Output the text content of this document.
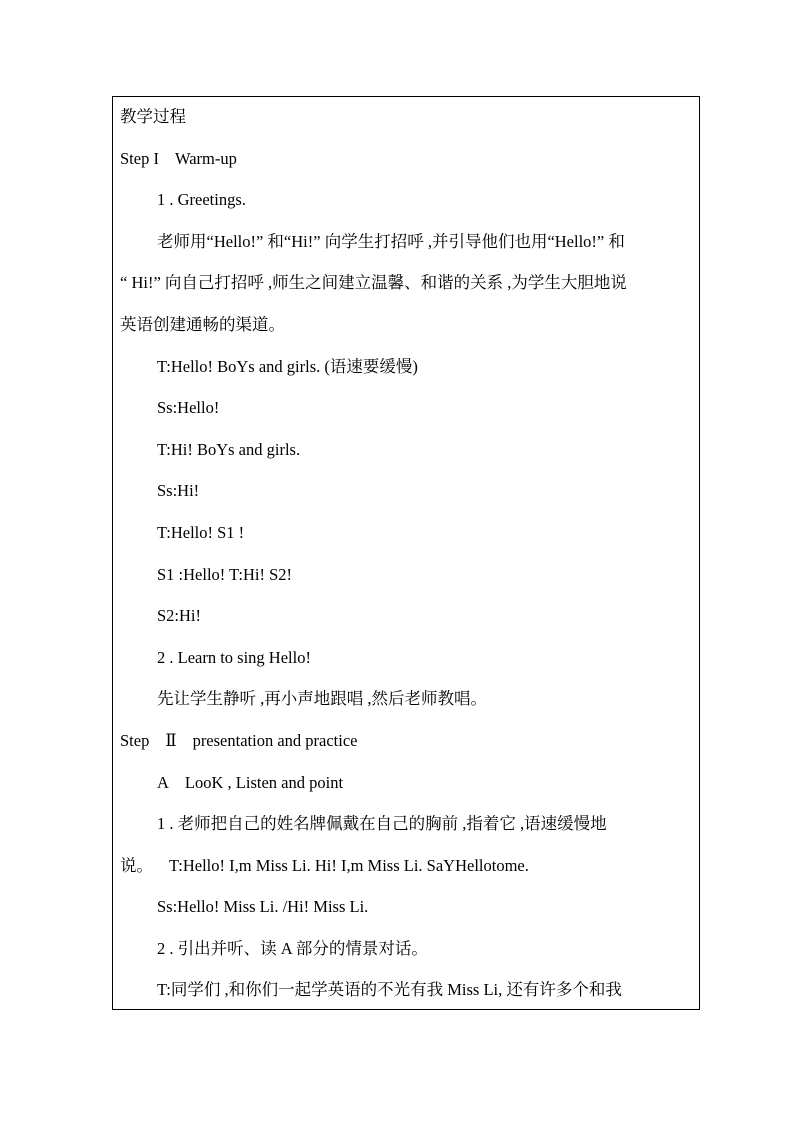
教学过程
Step I Warm-up
1 . Greetings.
老师用“Hello!” 和“Hi!” 向学生打招呼 ,并引导他们也用“Hello!” 和
“ Hi!” 向自己打招呼 ,师生之间建立温馨、和谐的关系 ,为学生大胆地说
英语创建通畅的渠道。
T:Hello! BoYs and girls. (语速要缓慢)
Ss:Hello!
T:Hi! BoYs and girls.
Ss:Hi!
T:Hello! S1 !
S1 :Hello! T:Hi! S2!
S2:Hi!
2 . Learn to sing Hello!
先让学生静听 ,再小声地跟唱 ,然后老师教唱。
Step Ⅱ presentation and practice
A LooK , Listen and point
1 . 老师把自己的姓名牌佩戴在自己的胸前 ,指着它 ,语速缓慢地
说。 T:Hello! I,m Miss Li. Hi! I,m Miss Li. SaYHellotome.
Ss:Hello! Miss Li. /Hi! Miss Li.
2 . 引出并听、读 A 部分的情景对话。
T:同学们 ,和你们一起学英语的不光有我 Miss Li, 还有许多个和我
